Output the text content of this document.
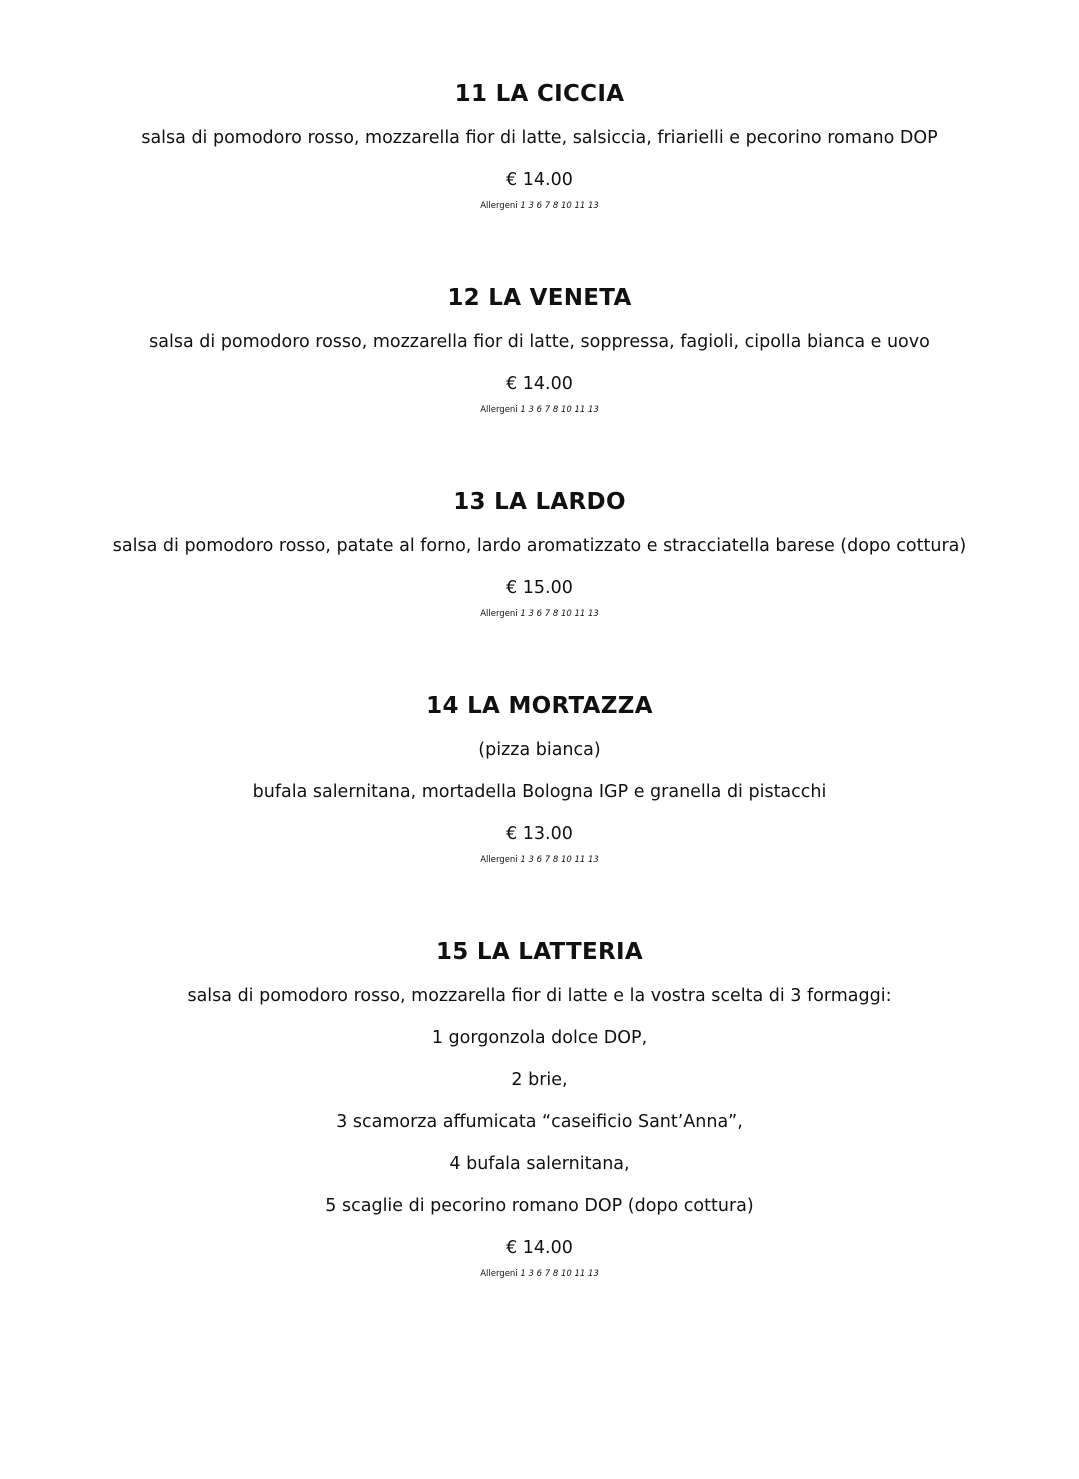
11 LA CICCIA

salsa di pomodoro rosso, mozzarella fior di latte, salsiccia, friarielli e pecorino romano DOP

€ 14.00

Allergeni 1 3 6 7 8 10 11 13

12 LA VENETA

salsa di pomodoro rosso, mozzarella fior di latte, soppressa, fagioli, cipolla bianca e uovo

€ 14.00

Allergeni 1 3 6 7 8 10 11 13

13 LA LARDO

salsa di pomodoro rosso, patate al forno, lardo aromatizzato e stracciatella barese (dopo cottura)

€ 15.00

Allergeni 1 3 6 7 8 10 11 13

14 LA MORTAZZA

(pizza bianca)

bufala salernitana, mortadella Bologna IGP e granella di pistacchi

€ 13.00

Allergeni 1 3 6 7 8 10 11 13

15 LA LATTERIA

salsa di pomodoro rosso, mozzarella fior di latte e la vostra scelta di 3 formaggi:

1 gorgonzola dolce DOP,

2 brie,

3 scamorza affumicata “caseificio Sant’Anna”,

4 bufala salernitana,

5 scaglie di pecorino romano DOP (dopo cottura)

€ 14.00

Allergeni 1 3 6 7 8 10 11 13
